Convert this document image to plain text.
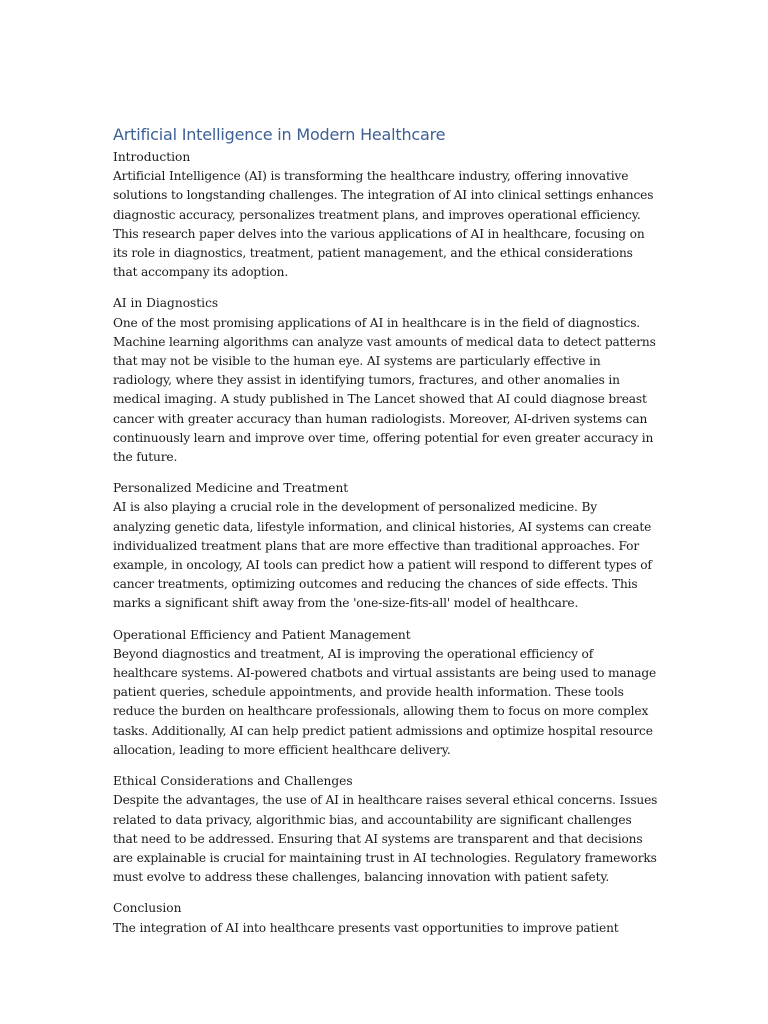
Artificial Intelligence in Modern Healthcare

Introduction

Artificial Intelligence (AI) is transforming the healthcare industry, offering innovative solutions to longstanding challenges. The integration of AI into clinical settings enhances diagnostic accuracy, personalizes treatment plans, and improves operational efficiency. This research paper delves into the various applications of AI in healthcare, focusing on its role in diagnostics, treatment, patient management, and the ethical considerations that accompany its adoption.

AI in Diagnostics

One of the most promising applications of AI in healthcare is in the field of diagnostics. Machine learning algorithms can analyze vast amounts of medical data to detect patterns that may not be visible to the human eye. AI systems are particularly effective in radiology, where they assist in identifying tumors, fractures, and other anomalies in medical imaging. A study published in The Lancet showed that AI could diagnose breast cancer with greater accuracy than human radiologists. Moreover, AI-driven systems can continuously learn and improve over time, offering potential for even greater accuracy in the future.

Personalized Medicine and Treatment

AI is also playing a crucial role in the development of personalized medicine. By analyzing genetic data, lifestyle information, and clinical histories, AI systems can create individualized treatment plans that are more effective than traditional approaches. For example, in oncology, AI tools can predict how a patient will respond to different types of cancer treatments, optimizing outcomes and reducing the chances of side effects. This marks a significant shift away from the 'one-size-fits-all' model of healthcare.

Operational Efficiency and Patient Management

Beyond diagnostics and treatment, AI is improving the operational efficiency of healthcare systems. AI-powered chatbots and virtual assistants are being used to manage patient queries, schedule appointments, and provide health information. These tools reduce the burden on healthcare professionals, allowing them to focus on more complex tasks. Additionally, AI can help predict patient admissions and optimize hospital resource allocation, leading to more efficient healthcare delivery.

Ethical Considerations and Challenges

Despite the advantages, the use of AI in healthcare raises several ethical concerns. Issues related to data privacy, algorithmic bias, and accountability are significant challenges that need to be addressed. Ensuring that AI systems are transparent and that decisions are explainable is crucial for maintaining trust in AI technologies. Regulatory frameworks must evolve to address these challenges, balancing innovation with patient safety.

Conclusion

The integration of AI into healthcare presents vast opportunities to improve patient
